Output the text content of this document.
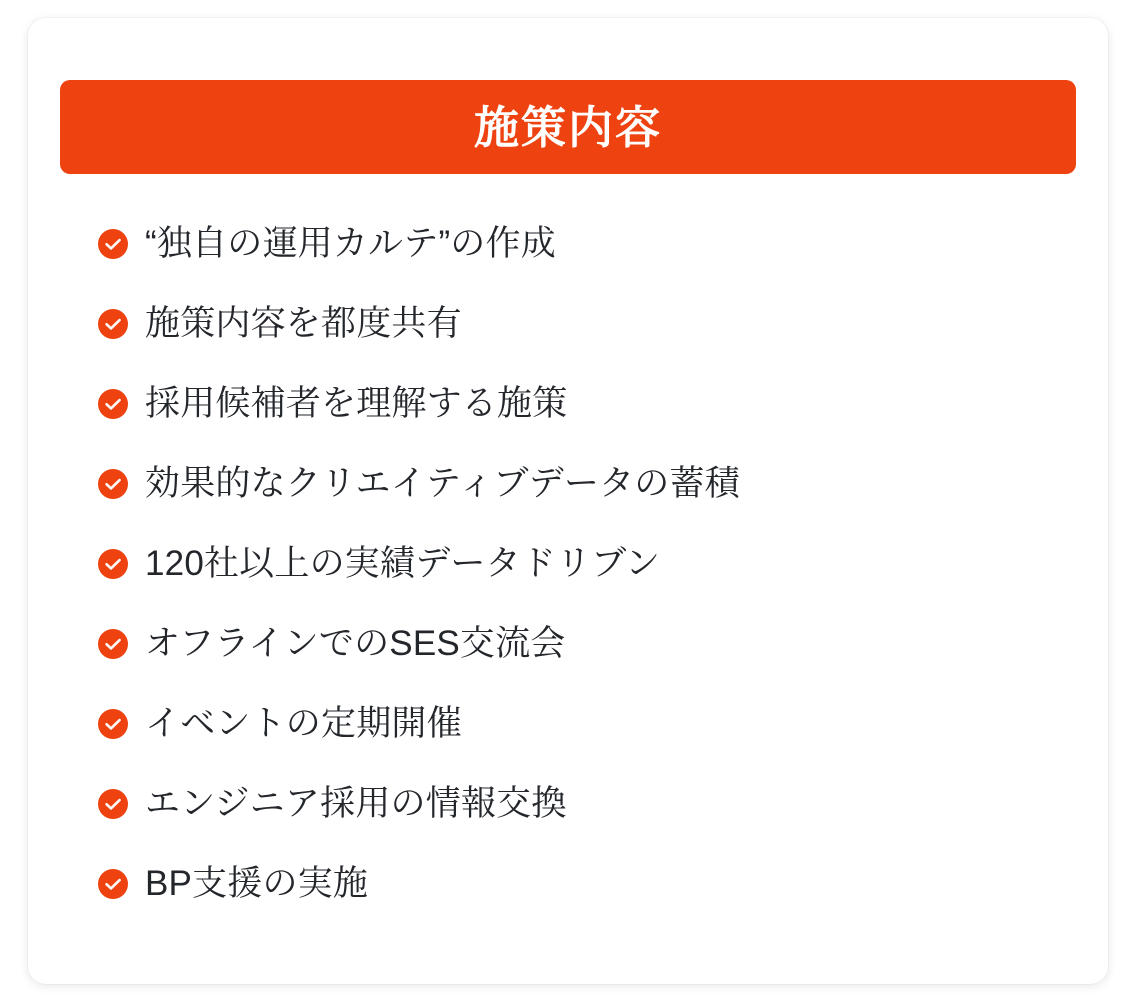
施策内容
“独自の運用カルテ”の作成
施策内容を都度共有
採用候補者を理解する施策
効果的なクリエイティブデータの蓄積
120社以上の実績データドリブン
オフラインでのSES交流会
イベントの定期開催
エンジニア採用の情報交換
BP支援の実施
